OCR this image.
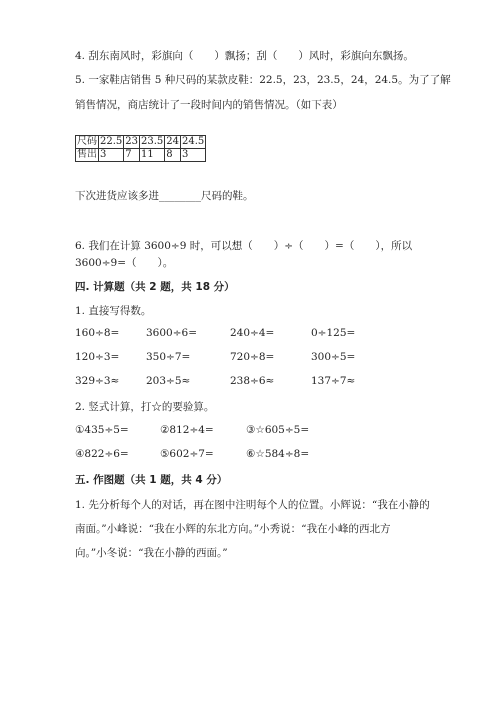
4. 刮东南风时，彩旗向（　　）飘扬；刮（　　）风时，彩旗向东飘扬。
5. 一家鞋店销售 5 种尺码的某款皮鞋：22.5，23，23.5，24，24.5。为了了解
销售情况，商店统计了一段时间内的销售情况。（如下表）
尺码	22.5	23	23.5	24	24.5
售出	3	7	11	8	3
下次进货应该多进________尺码的鞋。
6. 我们在计算 3600÷9 时，可以想（　　）÷（　　）=（　　），所以
3600÷9=（　　）。
四. 计算题（共 2 题，共 18 分）
1. 直接写得数。
160÷8=	3600÷6=	240÷4=	0÷125=
120÷3=	350÷7=	720÷8=	300÷5=
329÷3≈	203÷5≈	238÷6≈	137÷7≈
2. 竖式计算，打☆的要验算。
①435÷5=	②812÷4=	③☆605÷5=
④822÷6=	⑤602÷7=	⑥☆584÷8=
五. 作图题（共 1 题，共 4 分）
1. 先分析每个人的对话，再在图中注明每个人的位置。小辉说：“我在小静的
南面。”小峰说：“我在小辉的东北方向。”小秀说：“我在小峰的西北方
向。”小冬说：“我在小静的西面。”
